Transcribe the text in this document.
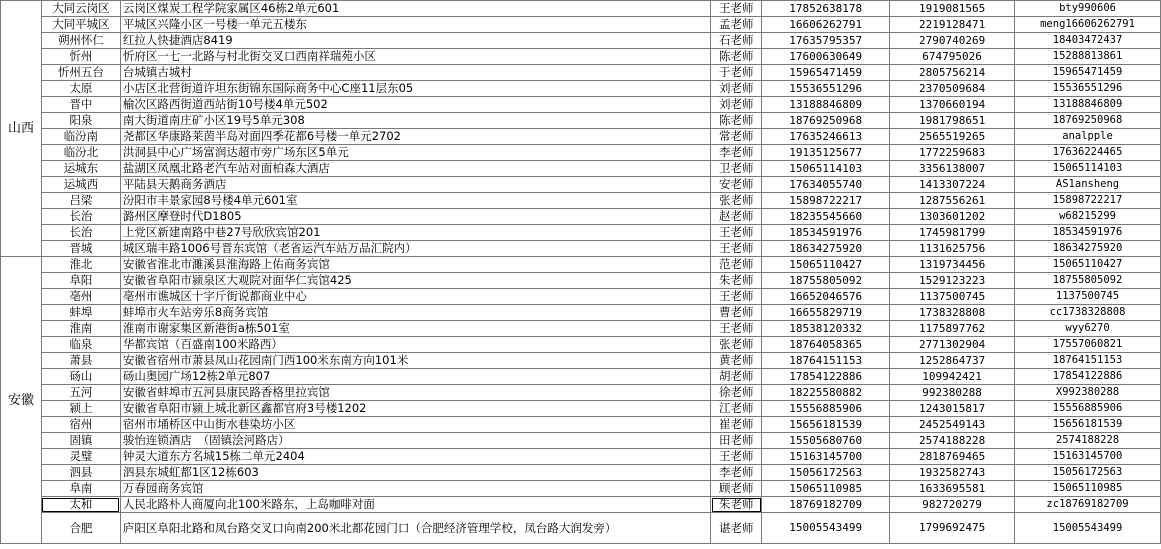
山西	大同云岗区	云岗区煤炭工程学院家属区46栋2单元601	王老师	17852638178	1919081565	bty990606
	大同平城区	平城区兴隆小区一号楼一单元五楼东	孟老师	16606262791	2219128471	meng16606262791
	朔州怀仁	红拉人快捷酒店8419	石老师	17635795357	2790740269	18403472437
	忻州	忻府区一七一北路与村北街交叉口西南祥瑞苑小区	陈老师	17600630649	674795026	15288813861
	忻州五台	台城镇古城村	于老师	15965471459	2805756214	15965471459
	太原	小店区北营街道许坦东街锦东国际商务中心C座11层东05	刘老师	15536551296	2370509684	15536551296
	晋中	榆次区路西街道西站街10号楼4单元502	刘老师	13188846809	1370660194	13188846809
	阳泉	南大街道南庄矿小区19号5单元308	陈老师	18769250968	1981798651	18769250968
	临汾南	尧都区华康路莱茵半岛对面四季花都6号楼一单元2702	常老师	17635246613	2565519265	analpple
	临汾北	洪洞县中心广场富润达超市旁广场东区5单元	李老师	19135125677	1772259683	17636224465
	运城东	盐湖区凤凰北路老汽车站对面柏森大酒店	卫老师	15065114103	3356138007	15065114103
	运城西	平陆县天鹅商务酒店	安老师	17634055740	1413307224	AS1ansheng
	吕梁	汾阳市丰景家园8号楼4单元601室	张老师	15898722217	1287556261	15898722217
	长治	潞州区摩登时代D1805	赵老师	18235545660	1303601202	w68215299
	长治	上党区新建南路中巷27号欣欣宾馆201	王老师	18534591976	1745981799	18534591976
	晋城	城区瑞丰路1006号晋东宾馆（老省运汽车站万品汇院内）	王老师	18634275920	1131625756	18634275920
安徽	淮北	安徽省淮北市濉溪县淮海路上佑商务宾馆	范老师	15065110427	1319734456	15065110427
	阜阳	安徽省阜阳市颍泉区大观院对面华仁宾馆425	朱老师	18755805092	1529123223	18755805092
	亳州	亳州市谯城区十字斤街说都商业中心	王老师	16652046576	1137500745	1137500745
	蚌埠	蚌埠市火车站旁乐8商务宾馆	曹老师	16655829719	1738328808	cc1738328808
	淮南	淮南市谢家集区新港街a栋501室	王老师	18538120332	1175897762	wyy6270
	临泉	华都宾馆（百盛南100米路西）	张老师	18764058365	2771302904	17557060821
	萧县	安徽省宿州市萧县凤山花园南门西100米东南方向101米	黄老师	18764151153	1252864737	18764151153
	砀山	砀山奥园广场12栋2单元807	胡老师	17854122886	109942421	17854122886
	五河	安徽省蚌埠市五河县康民路香格里拉宾馆	徐老师	18225580882	992380288	X992380288
	颍上	安徽省阜阳市颍上城北新区鑫都官府3号楼1202	江老师	15556885906	1243015817	15556885906
	宿州	宿州市埇桥区中山街水巷染坊小区	崔老师	15656181539	2452549143	15656181539
	固镇	骏怡连锁酒店　（固镇浍河路店）	田老师	15505680760	2574188228	2574188228
	灵璧	钟灵大道东方名城15栋二单元2404	王老师	15163145700	2818769465	15163145700
	泗县	泗县东城虹都1区12栋603	李老师	15056172563	1932582743	15056172563
	阜南	万春园商务宾馆	顾老师	15065110985	1633695581	15065110985
	太和	人民北路朴人商厦向北100米路东，上岛咖啡对面	朱老师	18769182709	982720279	zc18769182709
	合肥	庐阳区阜阳北路和凤台路交叉口向南200米北都花园门口（合肥经济管理学校，凤台路大润发旁）	谌老师	15005543499	1799692475	15005543499
